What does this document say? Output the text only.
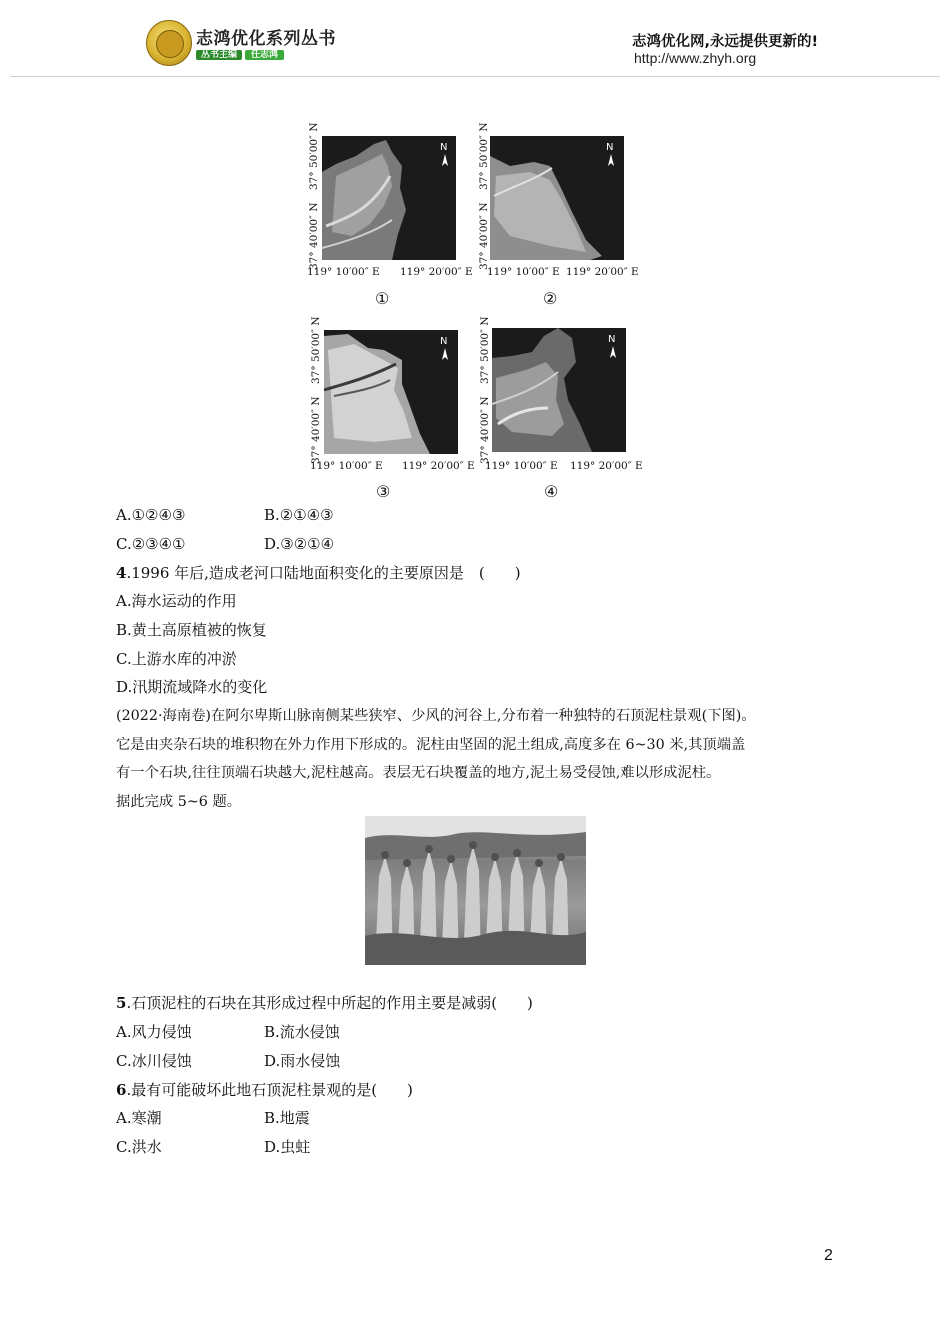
志鸿优化系列丛书
丛书主编 任志鸿
志鸿优化网,永远提供更新的!
http://www.zhyh.org
37° 50′00″ N
37° 40′00″ N
N
119° 10′00″ E 119° 20′00″ E
①
37° 50′00″ N
37° 40′00″ N
N
119° 10′00″ E 119° 20′00″ E
②
37° 50′00″ N
37° 40′00″ N
N
119° 10′00″ E 119° 20′00″ E
③
37° 50′00″ N
37° 40′00″ N
N
119° 10′00″ E 119° 20′00″ E
④
A.①②④③	B.②①④③
C.②③④①	D.③②①④
4.1996 年后,造成老河口陆地面积变化的主要原因是　(　　)
A.海水运动的作用
B.黄土高原植被的恢复
C.上游水库的冲淤
D.汛期流域降水的变化
(2022·海南卷)在阿尔卑斯山脉南侧某些狭窄、少风的河谷上,分布着一种独特的石顶泥柱景观(下图)。
它是由夹杂石块的堆积物在外力作用下形成的。泥柱由坚固的泥土组成,高度多在 6~30 米,其顶端盖
有一个石块,往往顶端石块越大,泥柱越高。表层无石块覆盖的地方,泥土易受侵蚀,难以形成泥柱。
据此完成 5~6 题。
5.石顶泥柱的石块在其形成过程中所起的作用主要是减弱(　　)
A.风力侵蚀	B.流水侵蚀
C.冰川侵蚀	D.雨水侵蚀
6.最有可能破坏此地石顶泥柱景观的是(　　)
A.寒潮	B.地震
C.洪水	D.虫蛀
2
